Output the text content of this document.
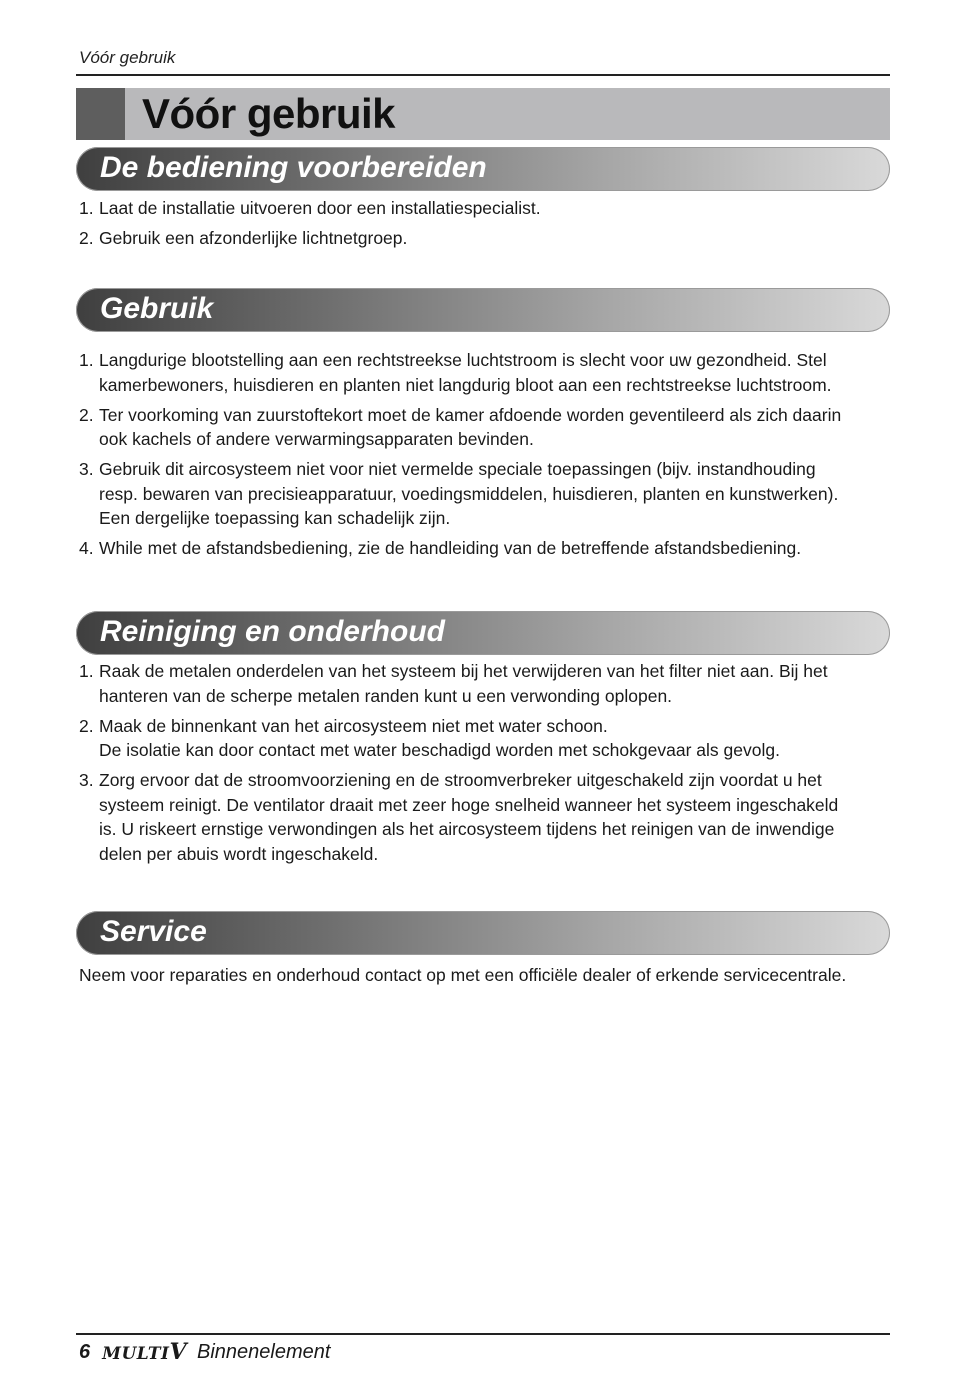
Vóór gebruik
Vóór gebruik
De bediening voorbereiden
1. Laat de installatie uitvoeren door een installatiespecialist.
2. Gebruik een afzonderlijke lichtnetgroep.
Gebruik
1. Langdurige blootstelling aan een rechtstreekse luchtstroom is slecht voor uw gezondheid. Stel
kamerbewoners, huisdieren en planten niet langdurig bloot aan een rechtstreekse luchtstroom.
2. Ter voorkoming van zuurstoftekort moet de kamer afdoende worden geventileerd als zich daarin
ook kachels of andere verwarmingsapparaten bevinden.
3. Gebruik dit aircosysteem niet voor niet vermelde speciale toepassingen (bijv. instandhouding
resp. bewaren van precisieapparatuur, voedingsmiddelen, huisdieren, planten en kunstwerken).
Een dergelijke toepassing kan schadelijk zijn.
4. While met de afstandsbediening, zie de handleiding van de betreffende afstandsbediening.
Reiniging en onderhoud
1. Raak de metalen onderdelen van het systeem bij het verwijderen van het filter niet aan. Bij het
hanteren van de scherpe metalen randen kunt u een verwonding oplopen.
2. Maak de binnenkant van het aircosysteem niet met water schoon.
De isolatie kan door contact met water beschadigd worden met schokgevaar als gevolg.
3. Zorg ervoor dat de stroomvoorziening en de stroomverbreker uitgeschakeld zijn voordat u het
systeem reinigt. De ventilator draait met zeer hoge snelheid wanneer het systeem ingeschakeld
is. U riskeert ernstige verwondingen als het aircosysteem tijdens het reinigen van de inwendige
delen per abuis wordt ingeschakeld.
Service
Neem voor reparaties en onderhoud contact op met een officiële dealer of erkende servicecentrale.
6 MULTIV Binnenelement
